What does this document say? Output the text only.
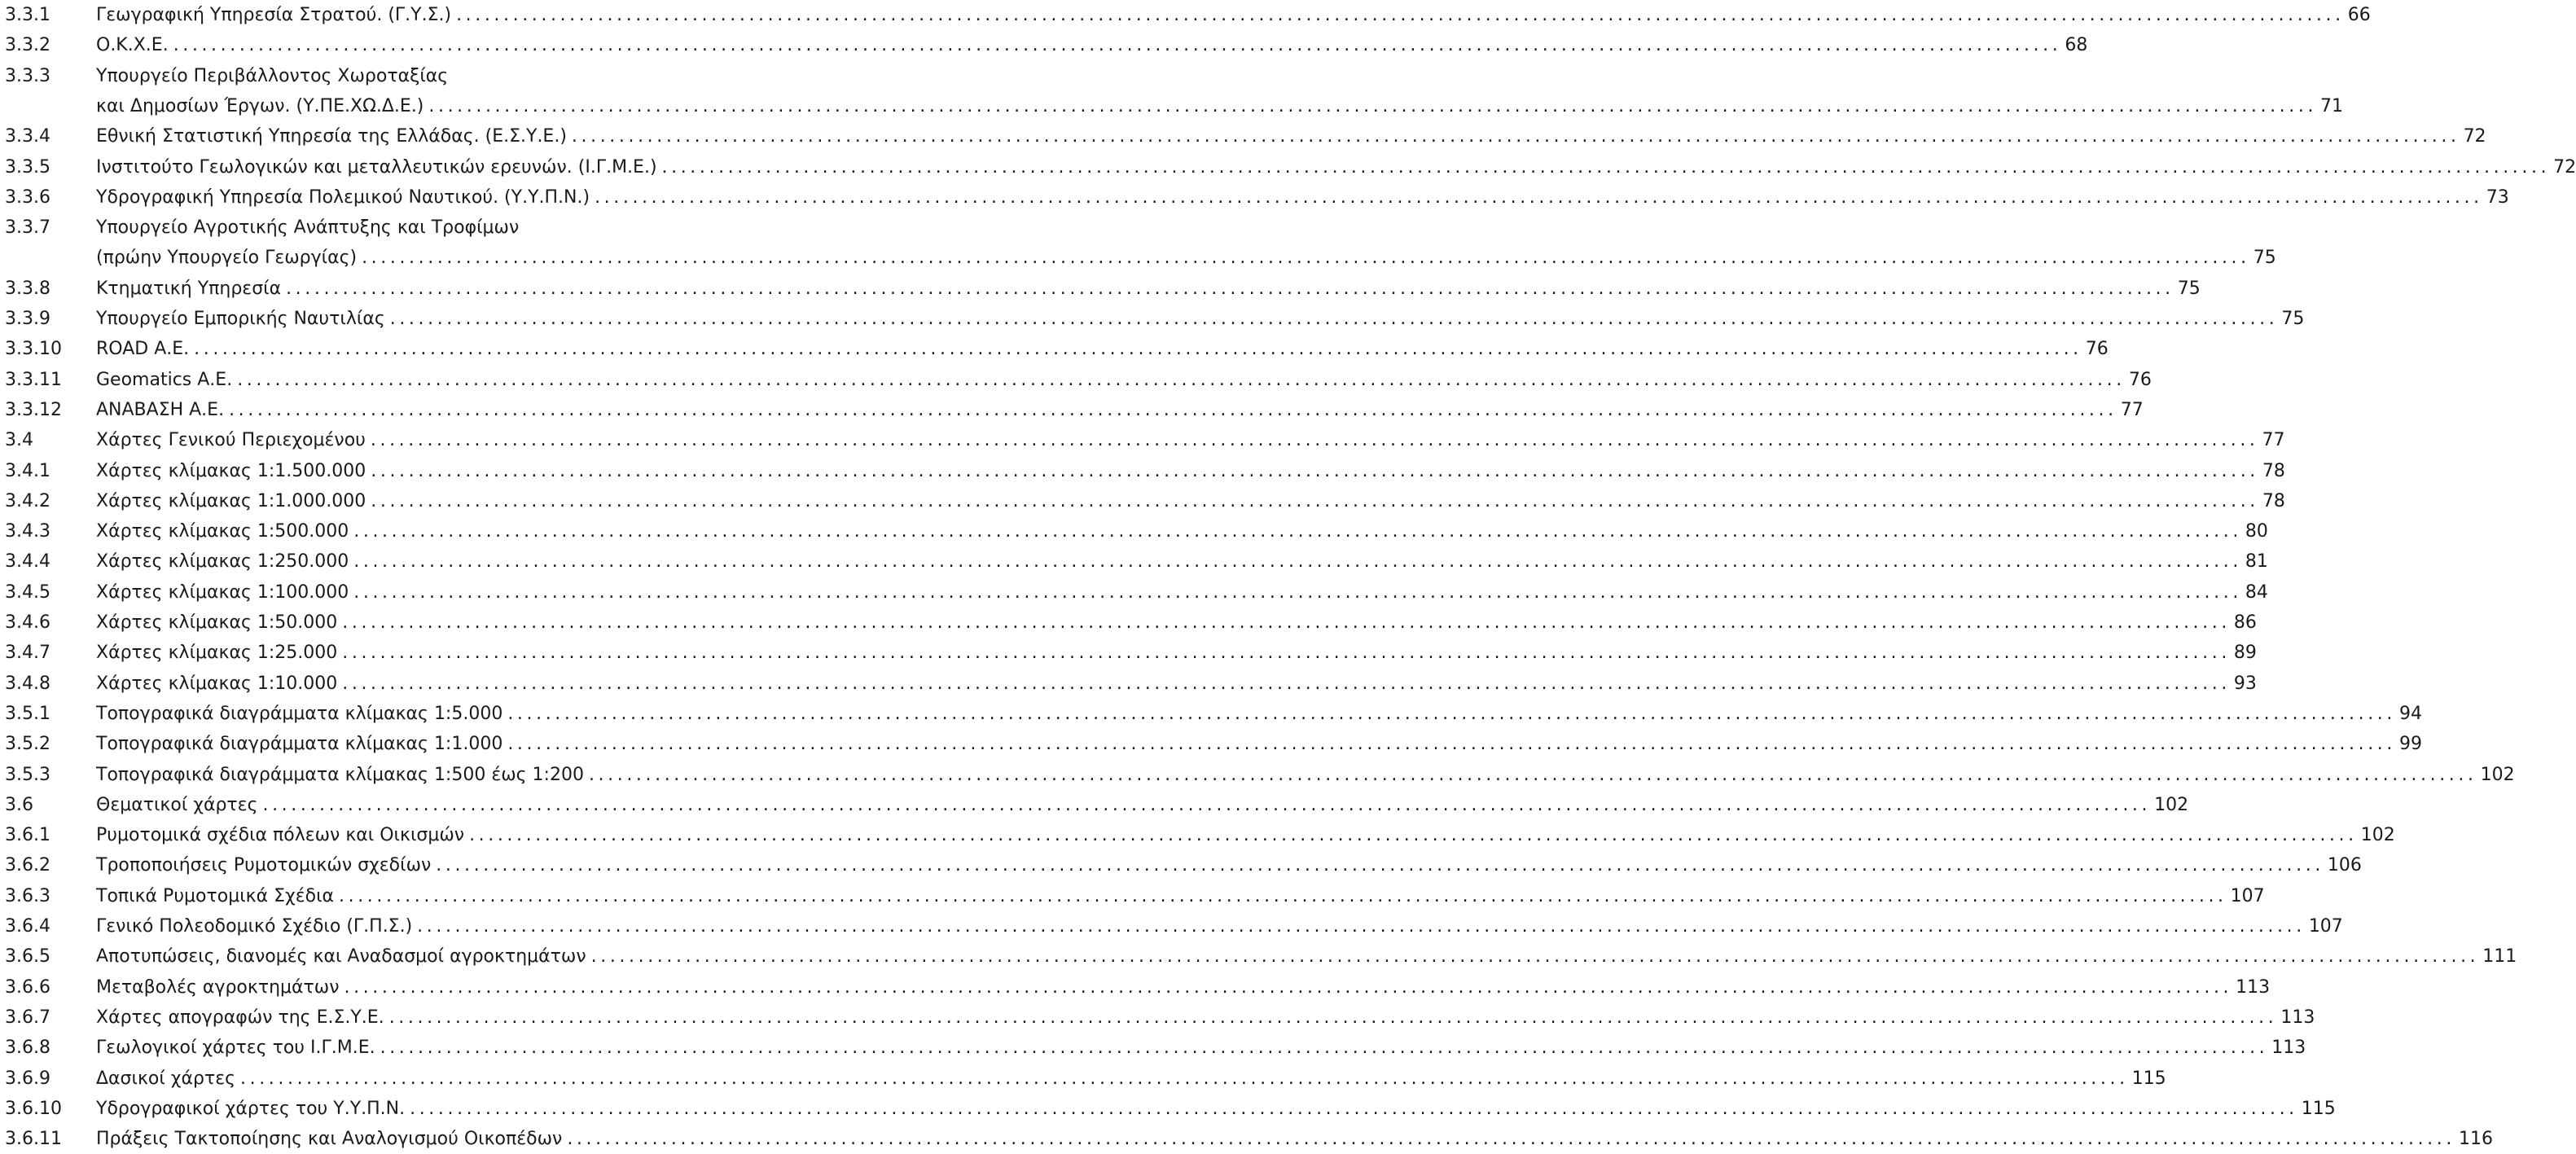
3.3.1	Γεωγραφική Υπηρεσία Στρατού. (Γ.Υ.Σ.) ........................................................................................................................................................................................................ 66
3.3.2	Ο.Κ.Χ.Ε. ........................................................................................................................................................................................................ 68
3.3.3	Υπουργείο Περιβάλλοντος Χωροταξίας
και Δημοσίων Έργων. (Υ.ΠΕ.ΧΩ.Δ.Ε.) ........................................................................................................................................................................................................ 71
3.3.4	Εθνική Στατιστική Υπηρεσία της Ελλάδας. (Ε.Σ.Υ.Ε.) ........................................................................................................................................................................................................ 72
3.3.5	Ινστιτούτο Γεωλογικών και μεταλλευτικών ερευνών. (Ι.Γ.Μ.Ε.) ........................................................................................................................................................................................................ 72
3.3.6	Υδρογραφική Υπηρεσία Πολεμικού Ναυτικού. (Υ.Υ.Π.Ν.) ........................................................................................................................................................................................................ 73
3.3.7	Υπουργείο Αγροτικής Ανάπτυξης και Τροφίμων
(πρώην Υπουργείο Γεωργίας) ........................................................................................................................................................................................................ 75
3.3.8	Κτηματική Υπηρεσία ........................................................................................................................................................................................................ 75
3.3.9	Υπουργείο Εμπορικής Ναυτιλίας ........................................................................................................................................................................................................ 75
3.3.10 ROAD Α.Ε. ........................................................................................................................................................................................................ 76
3.3.11 Geomatics Α.Ε. ........................................................................................................................................................................................................ 76
3.3.12 ΑΝΑΒΑΣΗ Α.Ε. ........................................................................................................................................................................................................ 77
3.4	Χάρτες Γενικού Περιεχομένου ........................................................................................................................................................................................................ 77
3.4.1	Χάρτες κλίμακας 1:1.500.000 ........................................................................................................................................................................................................ 78
3.4.2	Χάρτες κλίμακας 1:1.000.000 ........................................................................................................................................................................................................ 78
3.4.3	Χάρτες κλίμακας 1:500.000 ........................................................................................................................................................................................................ 80
3.4.4	Χάρτες κλίμακας 1:250.000 ........................................................................................................................................................................................................ 81
3.4.5	Χάρτες κλίμακας 1:100.000 ........................................................................................................................................................................................................ 84
3.4.6	Χάρτες κλίμακας 1:50.000 ........................................................................................................................................................................................................ 86
3.4.7	Χάρτες κλίμακας 1:25.000 ........................................................................................................................................................................................................ 89
3.4.8	Χάρτες κλίμακας 1:10.000 ........................................................................................................................................................................................................ 93
3.5.1	Τοπογραφικά διαγράμματα κλίμακας 1:5.000 ........................................................................................................................................................................................................ 94
3.5.2	Τοπογραφικά διαγράμματα κλίμακας 1:1.000 ........................................................................................................................................................................................................ 99
3.5.3	Τοπογραφικά διαγράμματα κλίμακας 1:500 έως 1:200 ........................................................................................................................................................................................................ 102
3.6	Θεματικοί χάρτες ........................................................................................................................................................................................................ 102
3.6.1	Ρυμοτομικά σχέδια πόλεων και Οικισμών ........................................................................................................................................................................................................ 102
3.6.2	Τροποποιήσεις Ρυμοτομικών σχεδίων ........................................................................................................................................................................................................ 106
3.6.3	Τοπικά Ρυμοτομικά Σχέδια ........................................................................................................................................................................................................ 107
3.6.4	Γενικό Πολεοδομικό Σχέδιο (Γ.Π.Σ.) ........................................................................................................................................................................................................ 107
3.6.5	Αποτυπώσεις, διανομές και Αναδασμοί αγροκτημάτων ........................................................................................................................................................................................................ 111
3.6.6	Μεταβολές αγροκτημάτων ........................................................................................................................................................................................................ 113
3.6.7	Χάρτες απογραφών της Ε.Σ.Υ.Ε. ........................................................................................................................................................................................................ 113
3.6.8	Γεωλογικοί χάρτες του Ι.Γ.Μ.Ε. ........................................................................................................................................................................................................ 113
3.6.9	Δασικοί χάρτες ........................................................................................................................................................................................................ 115
3.6.10 Υδρογραφικοί χάρτες του Υ.Υ.Π.Ν. ........................................................................................................................................................................................................ 115
3.6.11 Πράξεις Τακτοποίησης και Αναλογισμού Οικοπέδων ........................................................................................................................................................................................................ 116
